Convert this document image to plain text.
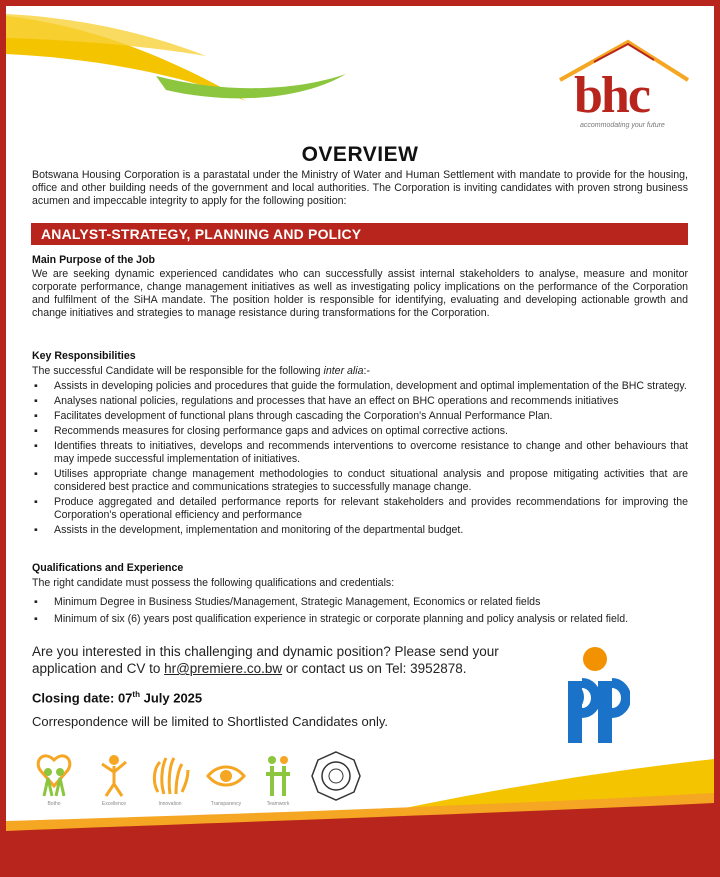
bhc
accommodating your future
OVERVIEW
Botswana Housing Corporation is a parastatal under the Ministry of Water and Human Settlement with mandate to provide for the housing, office and other building needs of the government and local authorities. The Corporation is inviting candidates with proven strong business acumen and impeccable integrity to apply for the following position:
ANALYST-STRATEGY, PLANNING AND POLICY
Main Purpose of the Job
We are seeking dynamic experienced candidates who can successfully assist internal stakeholders to analyse, measure and monitor corporate performance, change management initiatives as well as investigating policy implications on the performance of the Corporation and fulfilment of the SiHA mandate. The position holder is responsible for identifying, evaluating and developing actionable growth and change initiatives and strategies to manage resistance during transformations for the Corporation.
Key Responsibilities
The successful Candidate will be responsible for the following inter alia:-
▪ Assists in developing policies and procedures that guide the formulation, development and optimal implementation of the BHC strategy.
▪ Analyses national policies, regulations and processes that have an effect on BHC operations and recommends initiatives
▪ Facilitates development of functional plans through cascading the Corporation's Annual Performance Plan.
▪ Recommends measures for closing performance gaps and advices on optimal corrective actions.
▪ Identifies threats to initiatives, develops and recommends interventions to overcome resistance to change and other behaviours that may impede successful implementation of initiatives.
▪ Utilises appropriate change management methodologies to conduct situational analysis and propose mitigating activities that are considered best practice and communications strategies to successfully manage change.
▪ Produce aggregated and detailed performance reports for relevant stakeholders and provides recommendations for improving the Corporation's operational efficiency and performance
▪ Assists in the development, implementation and monitoring of the departmental budget.
Qualifications and Experience
The right candidate must possess the following qualifications and credentials:
▪ Minimum Degree in Business Studies/Management, Strategic Management, Economics or related fields
▪ Minimum of six (6) years post qualification experience in strategic or corporate planning and policy analysis or related field.
Are you interested in this challenging and dynamic position? Please send your application and CV to hr@premiere.co.bw or contact us on Tel: 3952878.
Closing date: 07th July 2025
Correspondence will be limited to Shortlisted Candidates only.
Botho	Excellence	Innovation	Transparency	Teamwork
